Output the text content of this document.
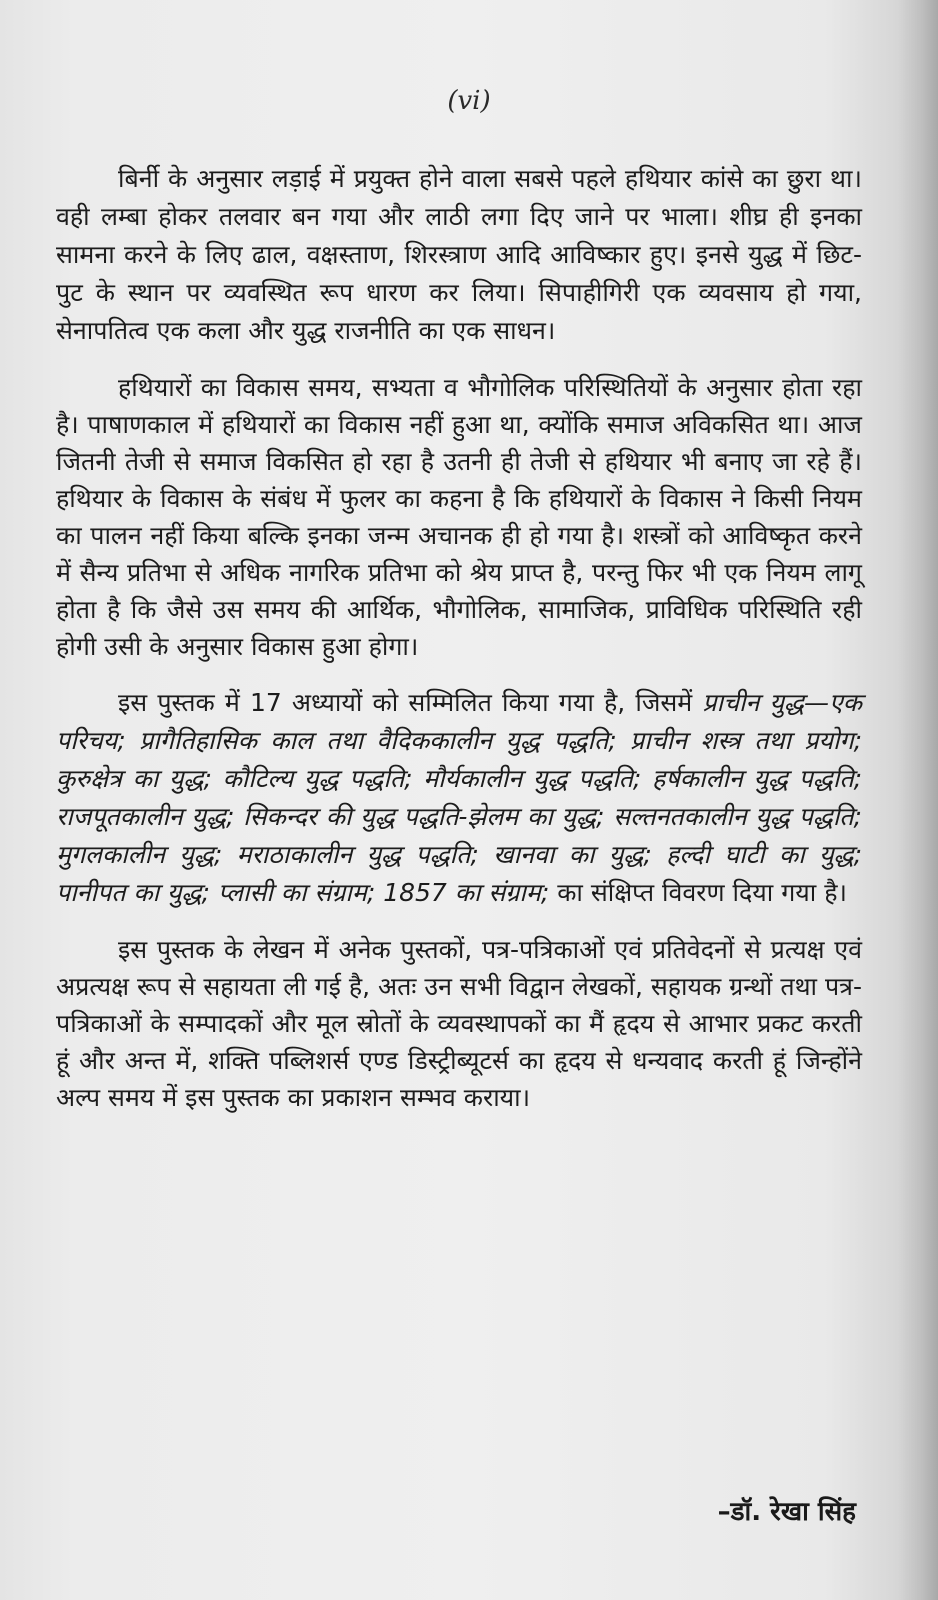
(vi)

बिर्नी के अनुसार लड़ाई में प्रयुक्त होने वाला सबसे पहले हथियार कांसे का छुरा था। वही लम्बा होकर तलवार बन गया और लाठी लगा दिए जाने पर भाला। शीघ्र ही इनका सामना करने के लिए ढाल, वक्षस्ताण, शिरस्त्राण आदि आविष्कार हुए। इनसे युद्ध में छिट-पुट के स्थान पर व्यवस्थित रूप धारण कर लिया। सिपाहीगिरी एक व्यवसाय हो गया, सेनापतित्व एक कला और युद्ध राजनीति का एक साधन।

हथियारों का विकास समय, सभ्यता व भौगोलिक परिस्थितियों के अनुसार होता रहा है। पाषाणकाल में हथियारों का विकास नहीं हुआ था, क्योंकि समाज अविकसित था। आज जितनी तेजी से समाज विकसित हो रहा है उतनी ही तेजी से हथियार भी बनाए जा रहे हैं। हथियार के विकास के संबंध में फुलर का कहना है कि हथियारों के विकास ने किसी नियम का पालन नहीं किया बल्कि इनका जन्म अचानक ही हो गया है। शस्त्रों को आविष्कृत करने में सैन्य प्रतिभा से अधिक नागरिक प्रतिभा को श्रेय प्राप्त है, परन्तु फिर भी एक नियम लागू होता है कि जैसे उस समय की आर्थिक, भौगोलिक, सामाजिक, प्राविधिक परिस्थिति रही होगी उसी के अनुसार विकास हुआ होगा।

इस पुस्तक में 17 अध्यायों को सम्मिलित किया गया है, जिसमें प्राचीन युद्ध—एक परिचय; प्रागैतिहासिक काल तथा वैदिककालीन युद्ध पद्धति; प्राचीन शस्त्र तथा प्रयोग; कुरुक्षेत्र का युद्ध; कौटिल्य युद्ध पद्धति; मौर्यकालीन युद्ध पद्धति; हर्षकालीन युद्ध पद्धति; राजपूतकालीन युद्ध; सिकन्दर की युद्ध पद्धति-झेलम का युद्ध; सल्तनतकालीन युद्ध पद्धति; मुगलकालीन युद्ध; मराठाकालीन युद्ध पद्धति; खानवा का युद्ध; हल्दी घाटी का युद्ध; पानीपत का युद्ध; प्लासी का संग्राम; 1857 का संग्राम; का संक्षिप्त विवरण दिया गया है।

इस पुस्तक के लेखन में अनेक पुस्तकों, पत्र-पत्रिकाओं एवं प्रतिवेदनों से प्रत्यक्ष एवं अप्रत्यक्ष रूप से सहायता ली गई है, अतः उन सभी विद्वान लेखकों, सहायक ग्रन्थों तथा पत्र-पत्रिकाओं के सम्पादकों और मूल स्रोतों के व्यवस्थापकों का मैं हृदय से आभार प्रकट करती हूं और अन्त में, शक्ति पब्लिशर्स एण्ड डिस्ट्रीब्यूटर्स का हृदय से धन्यवाद करती हूं जिन्होंने अल्प समय में इस पुस्तक का प्रकाशन सम्भव कराया।

–डॉ. रेखा सिंह
